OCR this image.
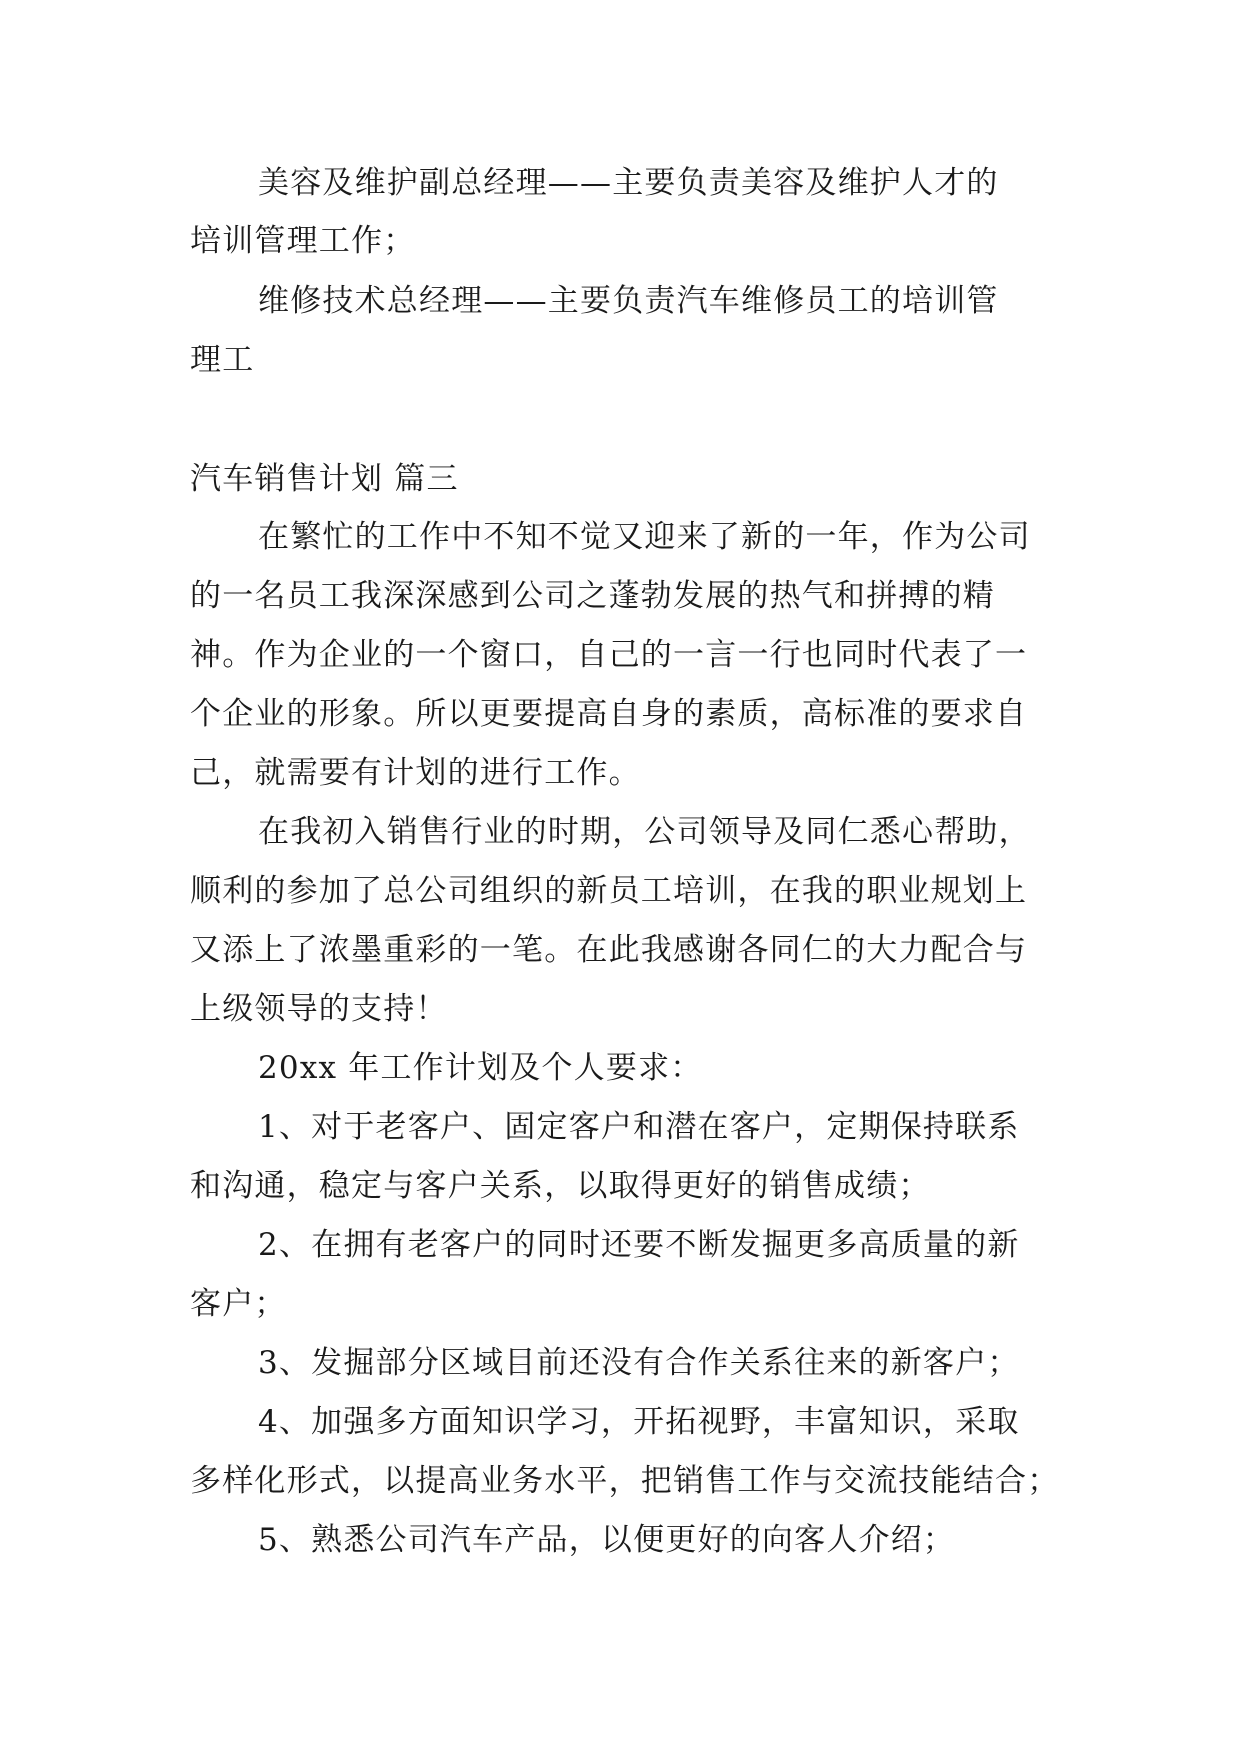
美容及维护副总经理——主要负责美容及维护人才的
培训管理工作；
维修技术总经理——主要负责汽车维修员工的培训管
理工
汽车销售计划 篇三
在繁忙的工作中不知不觉又迎来了新的一年，作为公司
的一名员工我深深感到公司之蓬勃发展的热气和拼搏的精
神。作为企业的一个窗口，自己的一言一行也同时代表了一
个企业的形象。所以更要提高自身的素质，高标准的要求自
己，就需要有计划的进行工作。
在我初入销售行业的时期，公司领导及同仁悉心帮助，
顺利的参加了总公司组织的新员工培训，在我的职业规划上
又添上了浓墨重彩的一笔。在此我感谢各同仁的大力配合与
上级领导的支持！
20xx 年工作计划及个人要求：
1、对于老客户、固定客户和潜在客户，定期保持联系
和沟通，稳定与客户关系，以取得更好的销售成绩；
2、在拥有老客户的同时还要不断发掘更多高质量的新
客户；
3、发掘部分区域目前还没有合作关系往来的新客户；
4、加强多方面知识学习，开拓视野，丰富知识，采取
多样化形式，以提高业务水平，把销售工作与交流技能结合；
5、熟悉公司汽车产品，以便更好的向客人介绍；
